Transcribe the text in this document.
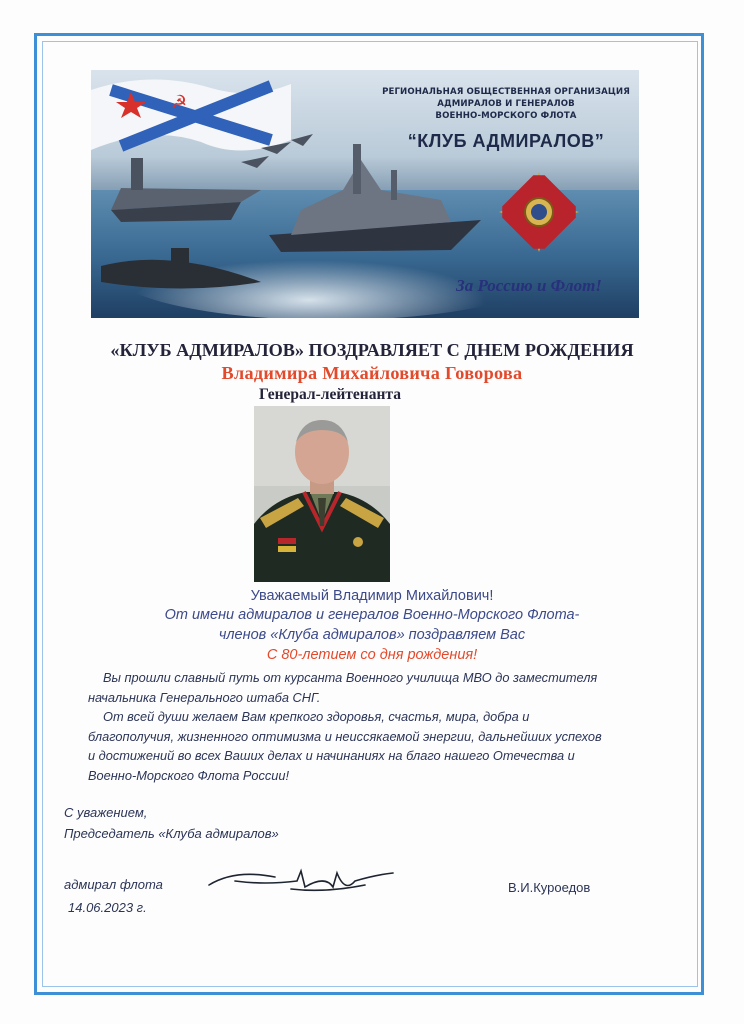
☭	РЕГИОНАЛЬНАЯ ОБЩЕСТВЕННАЯ ОРГАНИЗАЦИЯ
АДМИРАЛОВ И ГЕНЕРАЛОВ
ВОЕННО-МОРСКОГО ФЛОТА
“КЛУБ АДМИРАЛОВ”
За Россию и Флот!
«КЛУБ АДМИРАЛОВ» ПОЗДРАВЛЯЕТ С ДНЕМ РОЖДЕНИЯ
Владимира Михайловича Говорова
Генерал-лейтенанта
Уважаемый Владимир Михайлович!
От имени адмиралов и генералов Военно-Морского Флота-
членов «Клуба адмиралов» поздравляем Вас
С 80-летием со дня рождения!

Вы прошли славный путь от курсанта Военного училища МВО до заместителя начальника Генерального штаба СНГ.

От всей души желаем Вам крепкого здоровья, счастья, мира, добра и благополучия, жизненного оптимизма и неиссякаемой энергии, дальнейших успехов и достижений во всех Ваших делах и начинаниях на благо нашего Отечества и Военно-Морского Флота России!

С уважением,
Председатель «Клуба адмиралов»
адмирал флота
14.06.2023 г.
В.И.Куроедов
